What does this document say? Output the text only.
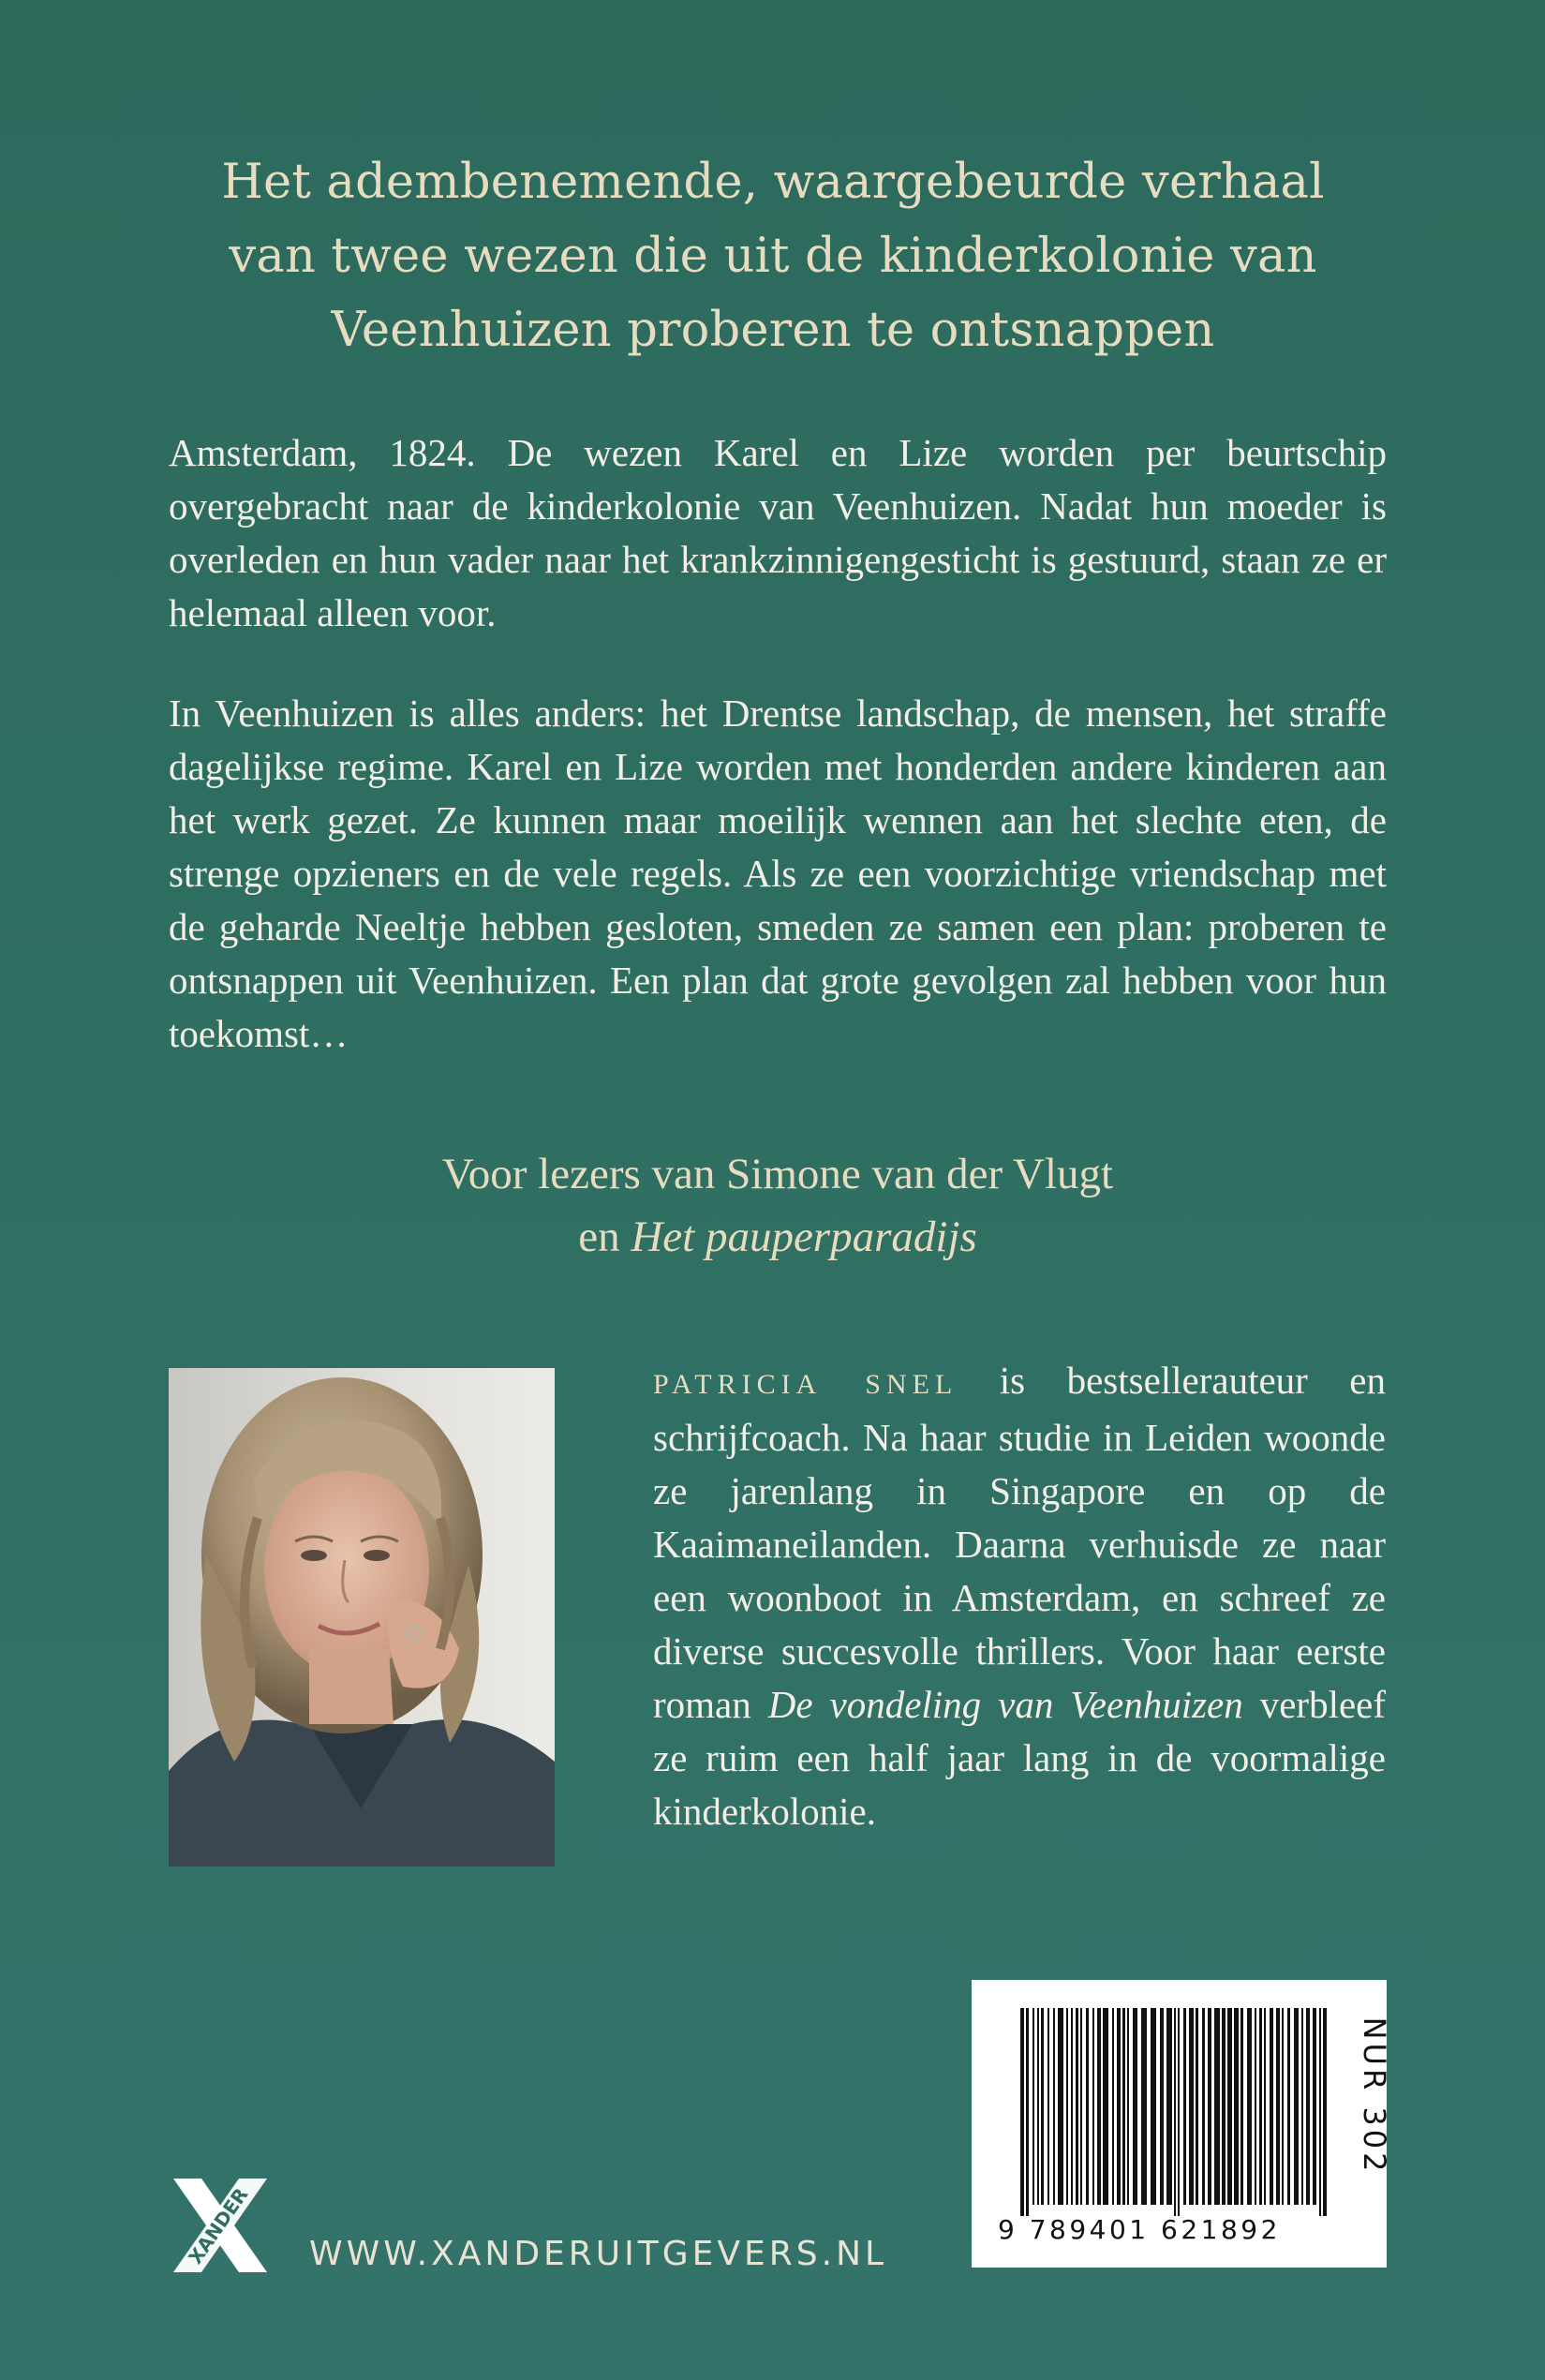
Het adembenemende, waargebeurde verhaal
van twee wezen die uit de kinderkolonie van
Veenhuizen proberen te ontsnappen

Amsterdam, 1824. De wezen Karel en Lize worden per beurtschip overgebracht naar de kinderkolonie van Veenhuizen. Nadat hun moeder is overleden en hun vader naar het krankzinnigengesticht is gestuurd, staan ze er helemaal alleen voor.

In Veenhuizen is alles anders: het Drentse landschap, de mensen, het straffe dagelijkse regime. Karel en Lize worden met honderden andere kinderen aan het werk gezet. Ze kunnen maar moeilijk wennen aan het slechte eten, de strenge opzieners en de vele regels. Als ze een voorzichtige vriendschap met de geharde Neeltje hebben gesloten, smeden ze samen een plan: proberen te ontsnappen uit Veenhuizen. Een plan dat grote gevolgen zal hebben voor hun toekomst…

Voor lezers van Simone van der Vlugt
en Het pauperparadijs

PATRICIA SNEL is bestsellerauteur en schrijfcoach. Na haar studie in Leiden woonde ze jarenlang in Singapore en op de Kaaimaneilanden. Daarna verhuisde ze naar een woonboot in Amsterdam, en schreef ze diverse succesvolle thrillers. Voor haar eerste roman De vondeling van Veenhuizen verbleef ze ruim een half jaar lang in de voormalige kinderkolonie.

9 789401 621892
NUR 302
XANDER WWW.XANDERUITGEVERS.NL
